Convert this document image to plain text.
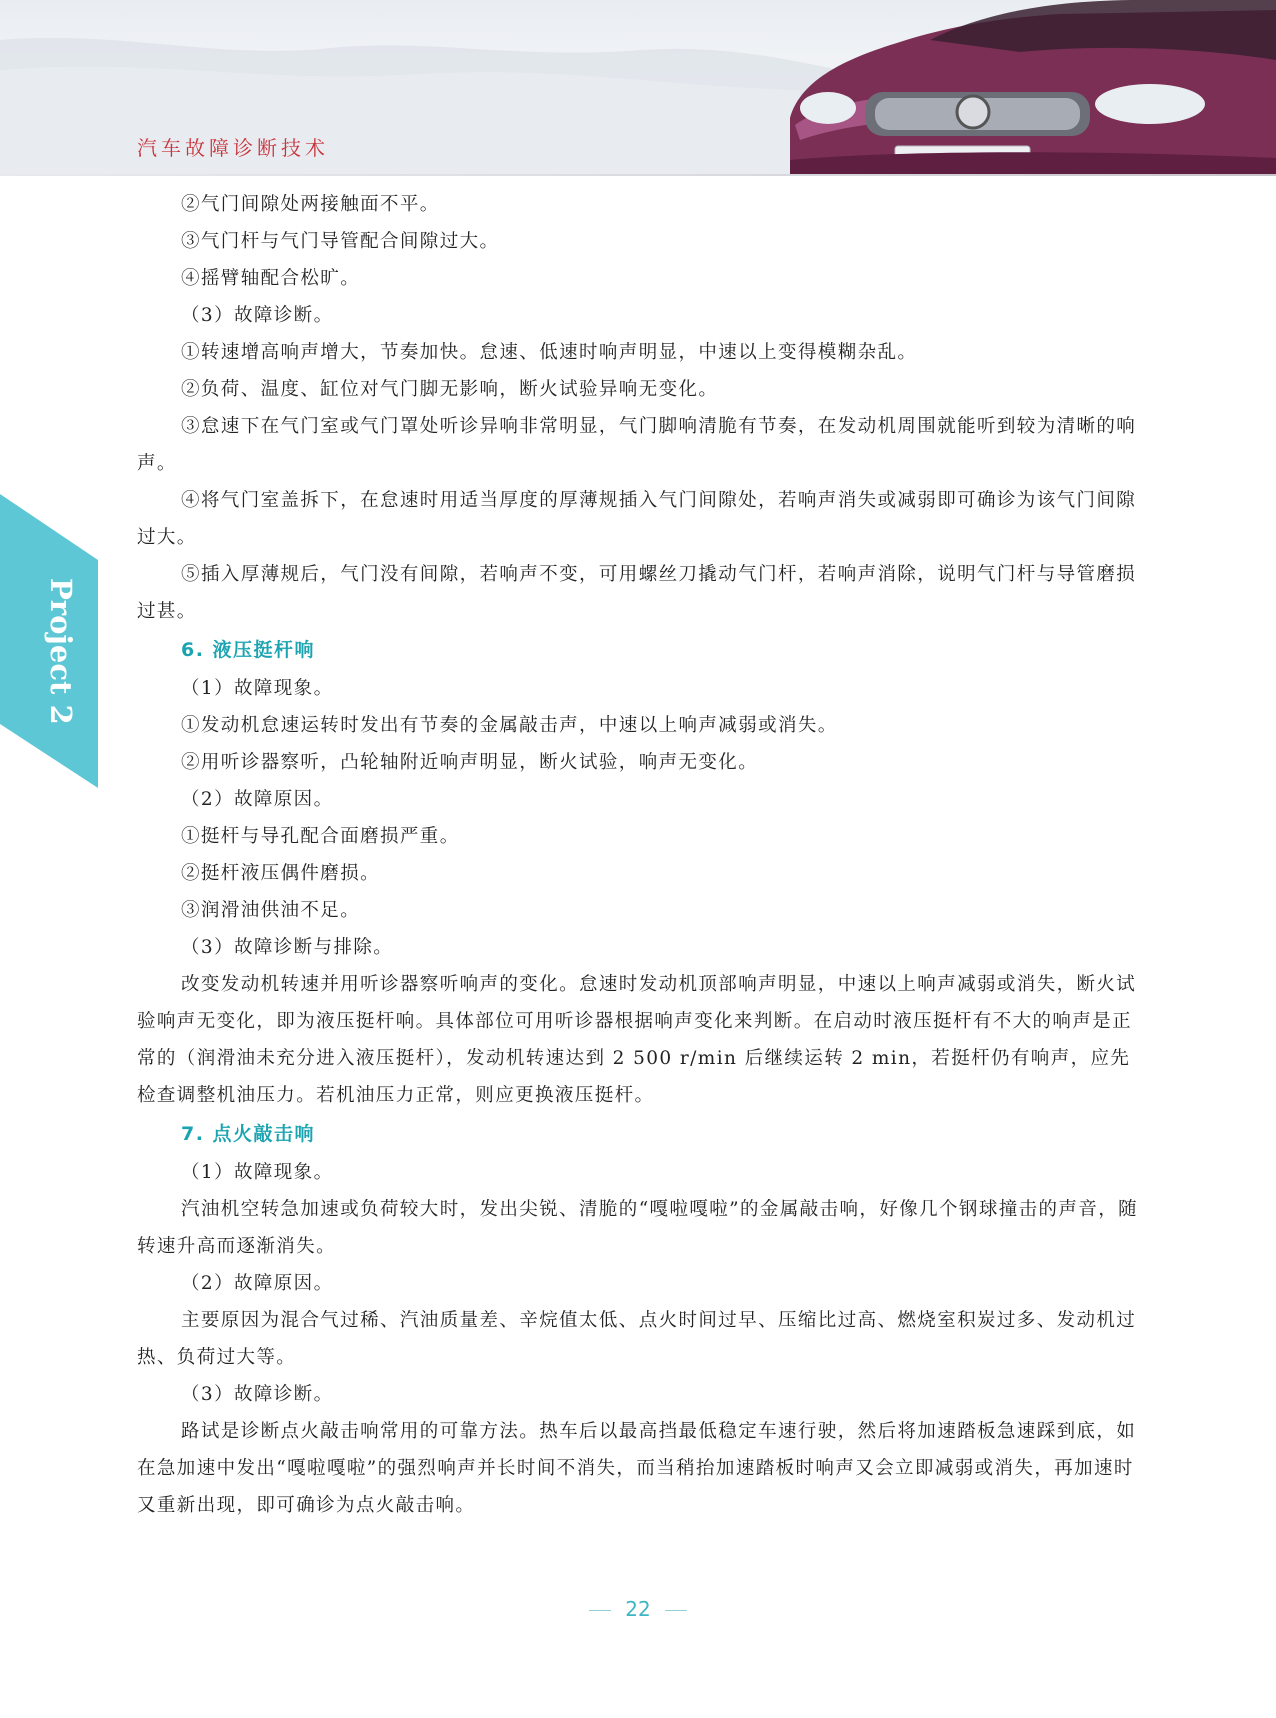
汽车故障诊断技术
Project 2

②气门间隙处两接触面不平。

③气门杆与气门导管配合间隙过大。

④摇臂轴配合松旷。

（3）故障诊断。

①转速增高响声增大，节奏加快。怠速、低速时响声明显，中速以上变得模糊杂乱。

②负荷、温度、缸位对气门脚无影响，断火试验异响无变化。

③怠速下在气门室或气门罩处听诊异响非常明显，气门脚响清脆有节奏，在发动机周围就能听到较为清晰的响声。

④将气门室盖拆下，在怠速时用适当厚度的厚薄规插入气门间隙处，若响声消失或减弱即可确诊为该气门间隙过大。

⑤插入厚薄规后，气门没有间隙，若响声不变，可用螺丝刀撬动气门杆，若响声消除，说明气门杆与导管磨损过甚。

6. 液压挺杆响

（1）故障现象。

①发动机怠速运转时发出有节奏的金属敲击声，中速以上响声减弱或消失。

②用听诊器察听，凸轮轴附近响声明显，断火试验，响声无变化。

（2）故障原因。

①挺杆与导孔配合面磨损严重。

②挺杆液压偶件磨损。

③润滑油供油不足。

（3）故障诊断与排除。

改变发动机转速并用听诊器察听响声的变化。怠速时发动机顶部响声明显，中速以上响声减弱或消失，断火试验响声无变化，即为液压挺杆响。具体部位可用听诊器根据响声变化来判断。在启动时液压挺杆有不大的响声是正常的（润滑油未充分进入液压挺杆），发动机转速达到 2 500 r/min 后继续运转 2 min，若挺杆仍有响声，应先检查调整机油压力。若机油压力正常，则应更换液压挺杆。

7. 点火敲击响

（1）故障现象。

汽油机空转急加速或负荷较大时，发出尖锐、清脆的“嘎啦嘎啦”的金属敲击响，好像几个钢球撞击的声音，随转速升高而逐渐消失。

（2）故障原因。

主要原因为混合气过稀、汽油质量差、辛烷值太低、点火时间过早、压缩比过高、燃烧室积炭过多、发动机过热、负荷过大等。

（3）故障诊断。

路试是诊断点火敲击响常用的可靠方法。热车后以最高挡最低稳定车速行驶，然后将加速踏板急速踩到底，如在急加速中发出“嘎啦嘎啦”的强烈响声并长时间不消失，而当稍抬加速踏板时响声又会立即减弱或消失，再加速时又重新出现，即可确诊为点火敲击响。

22
